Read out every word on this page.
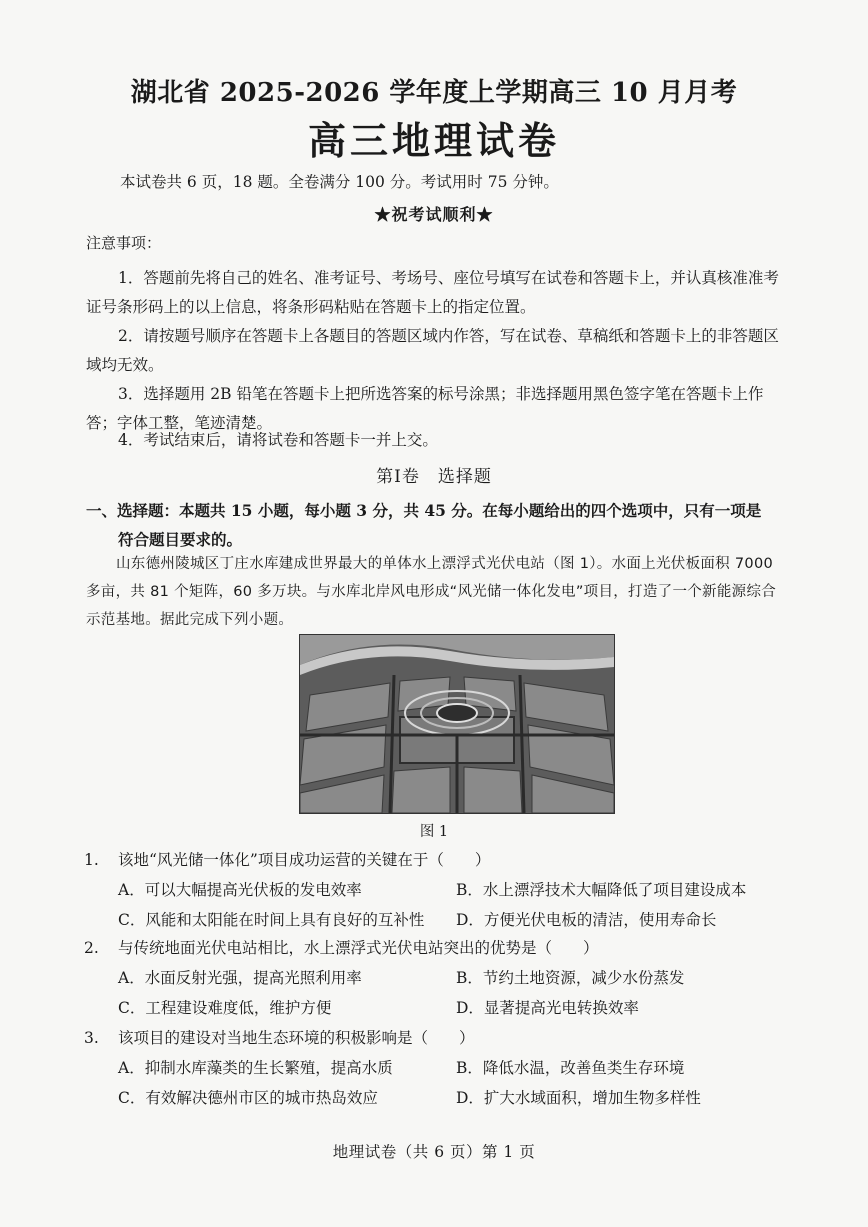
湖北省 2025-2026 学年度上学期高三 10 月月考
高三地理试卷
本试卷共 6 页，18 题。全卷满分 100 分。考试用时 75 分钟。
★祝考试顺利★
注意事项：
1．答题前先将自己的姓名、准考证号、考场号、座位号填写在试卷和答题卡上，并认真核准准考证号条形码上的以上信息，将条形码粘贴在答题卡上的指定位置。
2．请按题号顺序在答题卡上各题目的答题区域内作答，写在试卷、草稿纸和答题卡上的非答题区域均无效。
3．选择题用 2B 铅笔在答题卡上把所选答案的标号涂黑；非选择题用黑色签字笔在答题卡上作答；字体工整，笔迹清楚。
4．考试结束后，请将试卷和答题卡一并上交。
第Ⅰ卷　选择题
一、选择题：本题共 15 小题，每小题 3 分，共 45 分。在每小题给出的四个选项中，只有一项是
符合题目要求的。
山东德州陵城区丁庄水库建成世界最大的单体水上漂浮式光伏电站（图 1）。水面上光伏板面积 7000 多亩，共 81 个矩阵，60 多万块。与水库北岸风电形成“风光储一体化发电”项目，打造了一个新能源综合示范基地。据此完成下列小题。
图 1
1. 该地“风光储一体化”项目成功运营的关键在于（　　）
A．可以大幅提高光伏板的发电效率	B．水上漂浮技术大幅降低了项目建设成本
C．风能和太阳能在时间上具有良好的互补性 D．方便光伏电板的清洁，使用寿命长
2. 与传统地面光伏电站相比，水上漂浮式光伏电站突出的优势是（　　）
A．水面反射光强，提高光照利用率	B．节约土地资源，减少水份蒸发
C．工程建设难度低，维护方便	D．显著提高光电转换效率
3. 该项目的建设对当地生态环境的积极影响是（　　）
A．抑制水库藻类的生长繁殖，提高水质	B．降低水温，改善鱼类生存环境
C．有效解决德州市区的城市热岛效应	D．扩大水域面积，增加生物多样性
地理试卷（共 6 页）第 1 页
